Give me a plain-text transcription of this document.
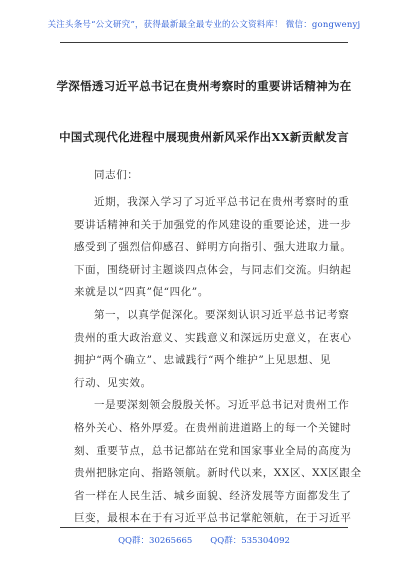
关注头条号“公文研究”，获得最新最全最专业的公文资料库！ 微信：gongwenyj
学深悟透习近平总书记在贵州考察时的重要讲话精神为在
中国式现代化进程中展现贵州新风采作出XX新贡献发言
同志们：
近期，我深入学习了习近平总书记在贵州考察时的重
要讲话精神和关于加强党的作风建设的重要论述，进一步
感受到了强烈信仰感召、鲜明方向指引、强大进取力量。
下面，围绕研讨主题谈四点体会，与同志们交流。归纳起
来就是以“四真”促“四化”。
第一，以真学促深化。要深刻认识习近平总书记考察
贵州的重大政治意义、实践意义和深远历史意义，在衷心
拥护“两个确立”、忠诚践行“两个维护”上见思想、见
行动、见实效。
一是要深刻领会殷殷关怀。习近平总书记对贵州工作
格外关心、格外厚爱。在贵州前进道路上的每一个关键时
刻、重要节点，总书记都站在党和国家事业全局的高度为
贵州把脉定向、指路领航。新时代以来，XX区、XX区跟全
省一样在人民生活、城乡面貌、经济发展等方面都发生了
巨变，最根本在于有习近平总书记掌舵领航，在于习近平
QQ群：30265665 QQ群：535304092
